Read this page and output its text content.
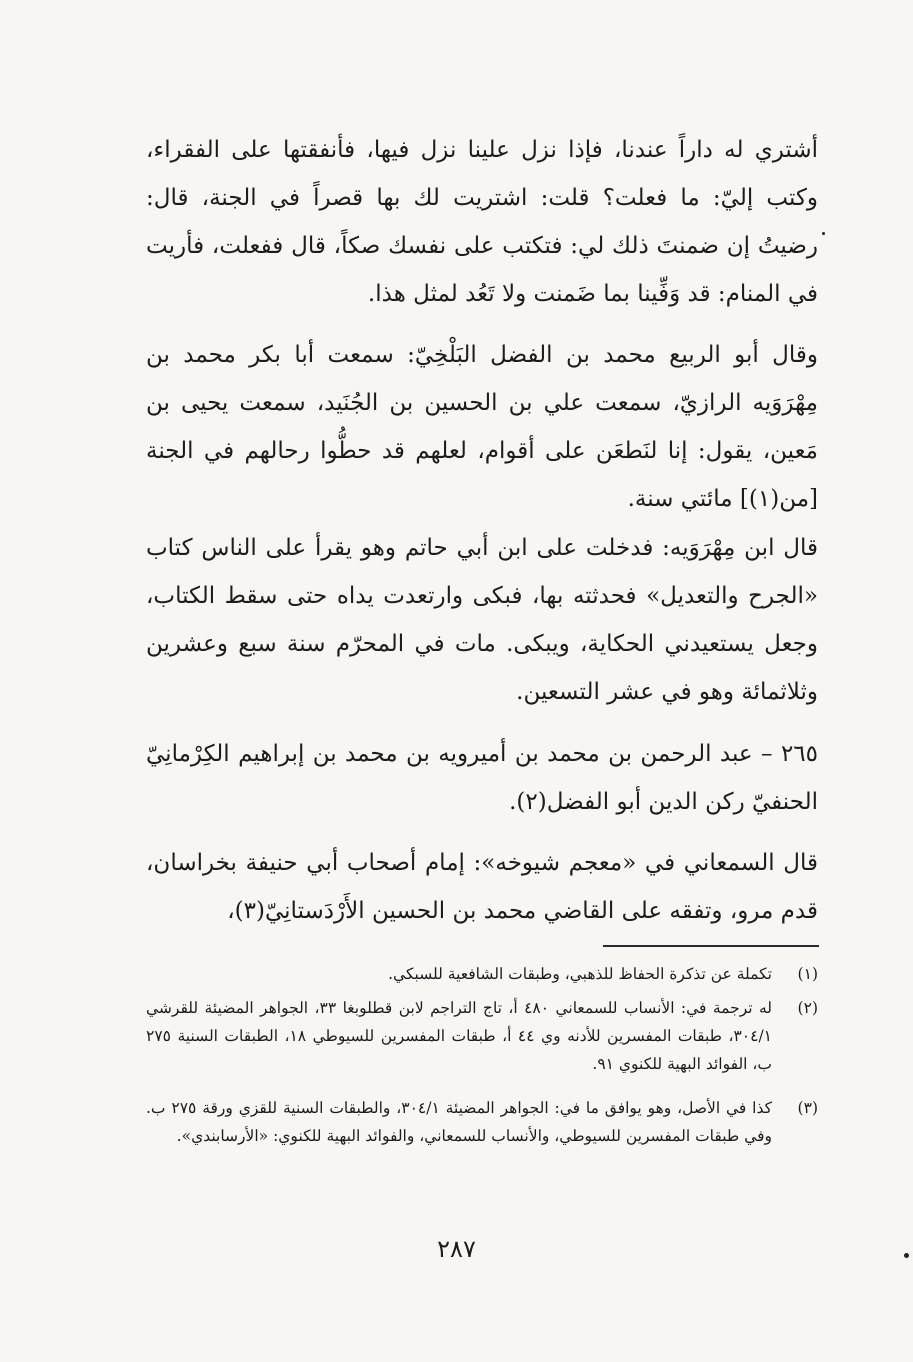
أشتري له داراً عندنا، فإذا نزل علينا نزل فيها، فأنفقتها على الفقراء، وكتب إليّ: ما فعلت؟ قلت: اشتريت لك بها قصراً في الجنة، قال: رضيتُ إن ضمنتَ ذلك لي: فتكتب على نفسك صكاً، قال ففعلت، فأريت في المنام: قد وَفِّينا بما ضَمنت ولا تَعُد لمثل هذا.

وقال أبو الربيع محمد بن الفضل البَلْخِيّ: سمعت أبا بكر محمد بن مِهْرَوَيه الرازيّ، سمعت علي بن الحسين بن الجُنَيد، سمعت يحيى بن مَعين، يقول: إنا لنَطعَن على أقوام، لعلهم قد حطُّوا رحالهم في الجنة [من(١)] مائتي سنة.

قال ابن مِهْرَوَيه: فدخلت على ابن أبي حاتم وهو يقرأ على الناس كتاب «الجرح والتعديل» فحدثته بها، فبكى وارتعدت يداه حتى سقط الكتاب، وجعل يستعيدني الحكاية، ويبكى. مات في المحرّم سنة سبع وعشرين وثلاثمائة وهو في عشر التسعين.

٢٦٥ – عبد الرحمن بن محمد بن أميرويه بن محمد بن إبراهيم الكِرْمانِيّ الحنفيّ ركن الدين أبو الفضل(٢).

قال السمعاني في «معجم شيوخه»: إمام أصحاب أبي حنيفة بخراسان، قدم مرو، وتفقه على القاضي محمد بن الحسين الأَرْدَستانِيّ(٣)،

(١)
تكملة عن تذكرة الحفاظ للذهبي، وطبقات الشافعية للسبكي.
(٢)
له ترجمة في: الأنساب للسمعاني ٤٨٠ أ، تاج التراجم لابن قطلوبغا ٣٣، الجواهر المضيئة للقرشي ٣٠٤/١، طبقات المفسرين للأدنه وي ٤٤ أ، طبقات المفسرين للسيوطي ١٨، الطبقات السنية ٢٧٥ ب، الفوائد البهية للكنوي ٩١.
(٣)
كذا في الأصل، وهو يوافق ما في: الجواهر المضيئة ٣٠٤/١، والطبقات السنية للقزي ورقة ٢٧٥ ب. وفي طبقات المفسرين للسيوطي، والأنساب للسمعاني، والفوائد البهية للكنوي: «الأرسابندي».
٢٨٧
